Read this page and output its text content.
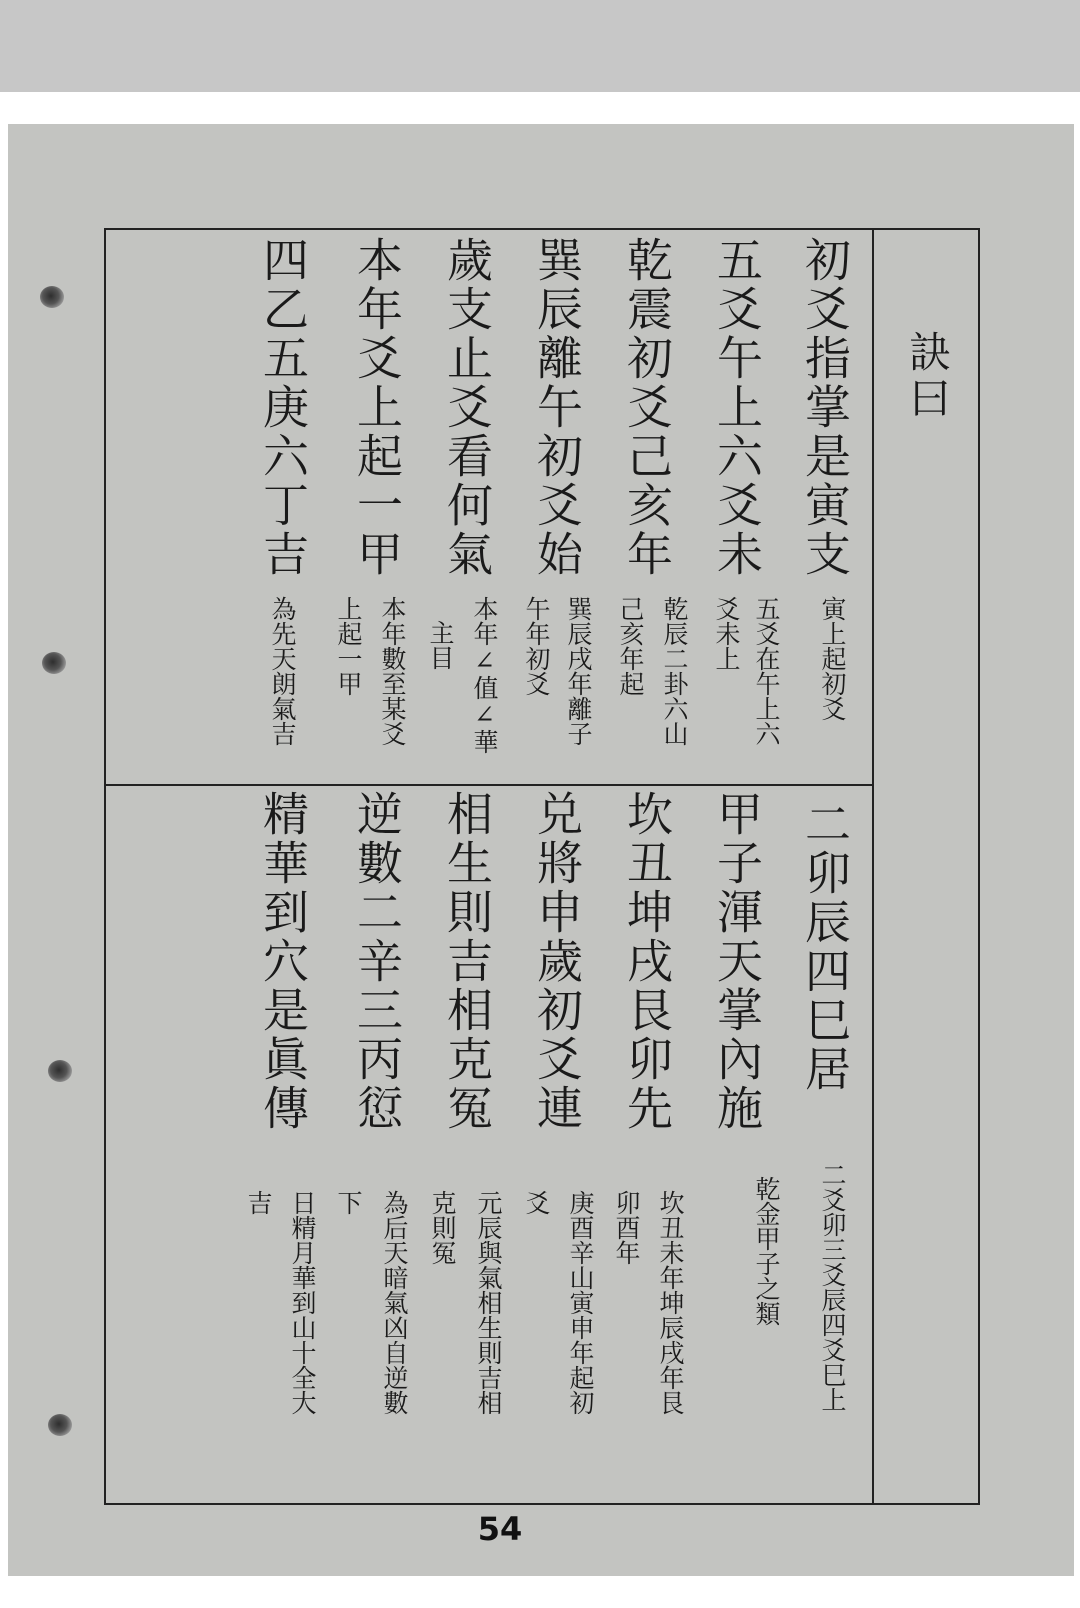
訣曰
初爻指掌是寅支
五爻午上六爻未
乾震初爻己亥年
巽辰離午初爻始
歲支止爻看何氣
本年爻上起一甲
四乙五庚六丁吉
寅上起初爻
五爻在午上六
爻未上
乾辰二卦六山
己亥年起
巽辰戌年離子
午年初爻
本年∠值∠華
主目
本年數至某爻
上起一甲
為先天朗氣吉
二卯辰四巳居
甲子渾天掌內施
坎丑坤戌艮卯先
兑將申歲初爻連
相生則吉相克冤
逆數二辛三丙愆
精華到穴是眞傳
二爻卯三爻辰四爻巳上
乾金甲子之類
坎丑未年坤辰戌年艮
卯酉年
庚酉辛山寅申年起初
爻
元辰與氣相生則吉相
克則冤
為后天暗氣凶自逆數
下
日精月華到山十全大
吉
54
